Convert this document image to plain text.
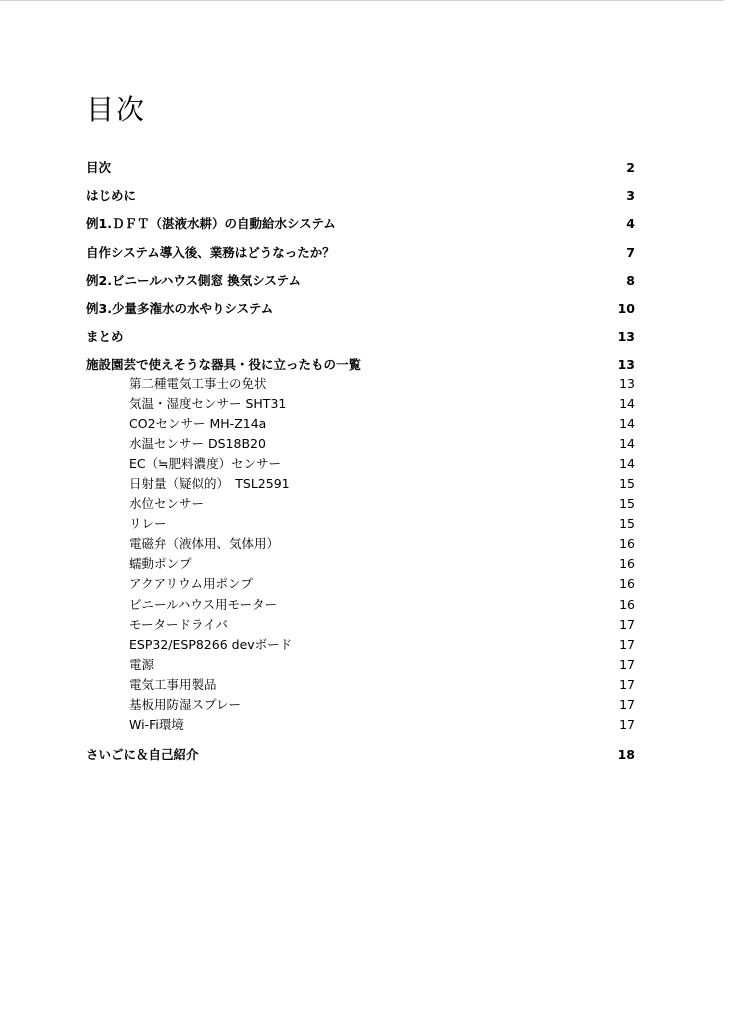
目次
目次	2
はじめに	3
例1.ＤＦＴ（湛液水耕）の自動給水システム	4
自作システム導入後、業務はどうなったか？	7
例2.ビニールハウス側窓 換気システム	8
例3.少量多潅水の水やりシステム	10
まとめ	13
施設園芸で使えそうな器具・役に立ったもの一覧	13
第二種電気工事士の免状	13
気温・湿度センサー SHT31	14
CO2センサー MH-Z14a	14
水温センサー DS18B20	14
EC（≒肥料濃度）センサー	14
日射量（疑似的）　TSL2591	15
水位センサー	15
リレー	15
電磁弁（液体用、気体用）	16
蠕動ポンプ	16
アクアリウム用ポンプ	16
ビニールハウス用モーター	16
モータードライバ	17
ESP32/ESP8266 devボード	17
電源	17
電気工事用製品	17
基板用防湿スプレー	17
Wi-Fi環境	17
さいごに＆自己紹介	18
